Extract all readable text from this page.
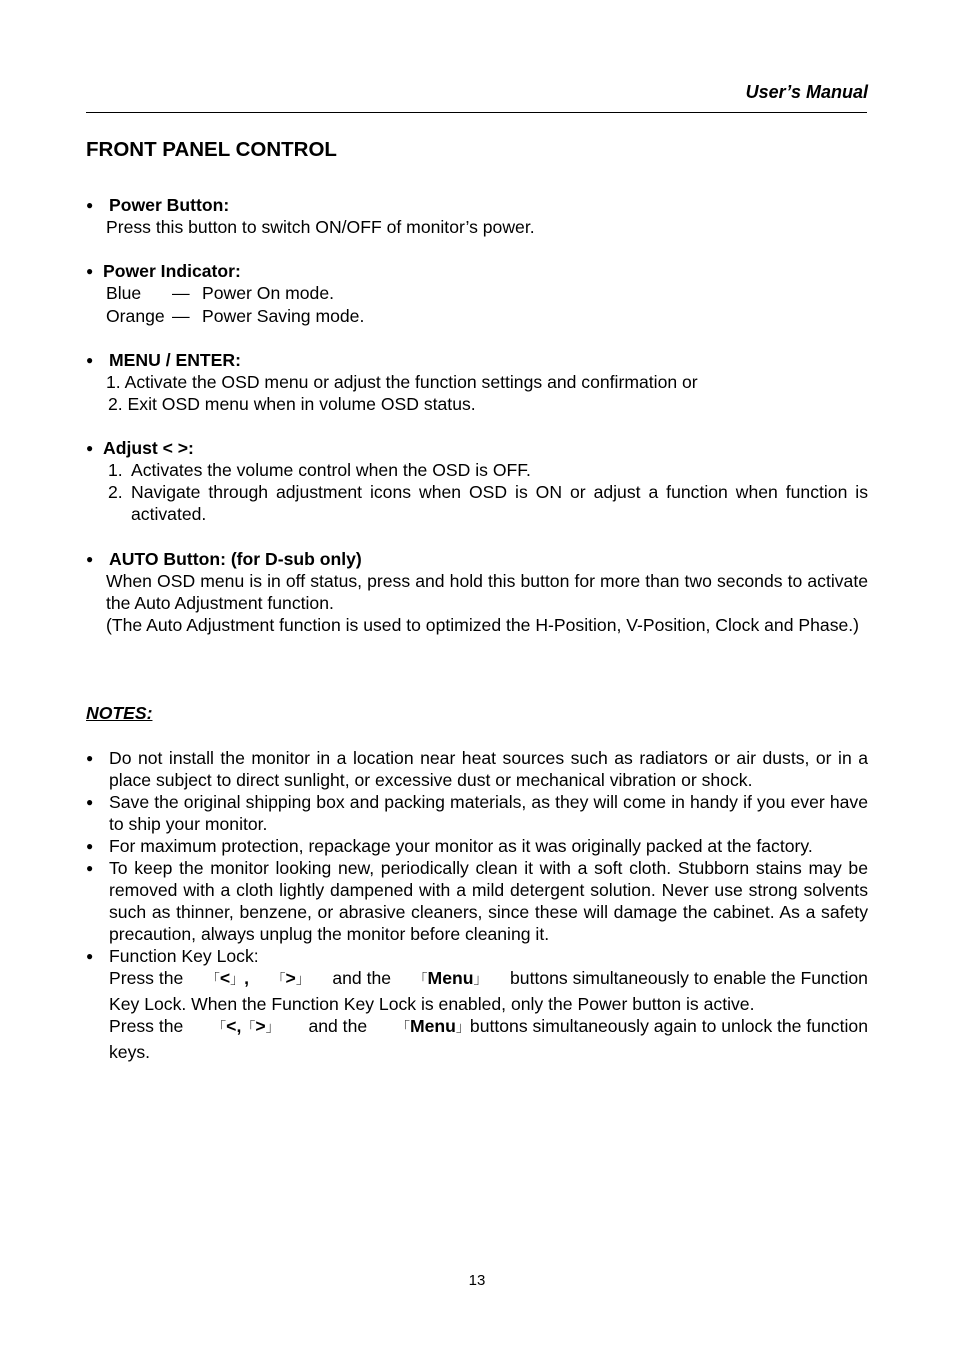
User’s Manual
FRONT PANEL CONTROL
● Power Button:
Press this button to switch ON/OFF of monitor’s power.
● Power Indicator:
Blue	— Power On mode.
Orange — Power Saving mode.
● MENU / ENTER:
1. Activate the OSD menu or adjust the function settings and confirmation or
2. Exit OSD menu when in volume OSD status.
● Adjust < >:
1. Activates the volume control when the OSD is OFF.
2. Navigate through adjustment icons when OSD is ON or adjust a function when function is activated.
● AUTO Button: (for D-sub only)
When OSD menu is in off status, press and hold this button for more than two seconds to activate the Auto Adjustment function.
(The Auto Adjustment function is used to optimized the H-Position, V-Position, Clock and Phase.)
NOTES:
● Do not install the monitor in a location near heat sources such as radiators or air dusts, or in a place subject to direct sunlight, or excessive dust or mechanical vibration or shock.
● Save the original shipping box and packing materials, as they will come in handy if you ever have to ship your monitor.
● For maximum protection, repackage your monitor as it was originally packed at the factory.
● To keep the monitor looking new, periodically clean it with a soft cloth. Stubborn stains may be removed with a cloth lightly dampened with a mild detergent solution. Never use strong solvents such as thinner, benzene, or abrasive cleaners, since these will damage the cabinet. As a safety precaution, always unplug the monitor before cleaning it.
● Function Key Lock:
Press the 「<」, 「>」 and the 「Menu」 buttons simultaneously to enable the Function
Key Lock. When the Function Key Lock is enabled, only the Power button is active.
Press the 「<,「>」 and the 「Menu」buttons simultaneously again to unlock the function
keys.
13
